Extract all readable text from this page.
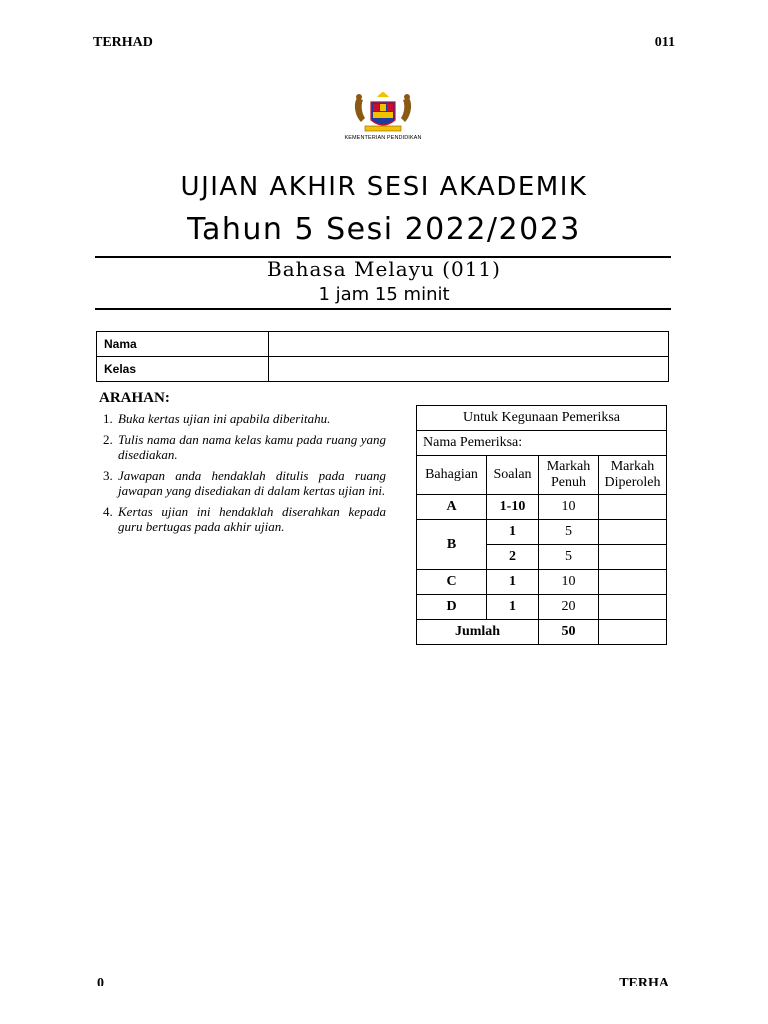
TERHAD	011
KEMENTERIAN PENDIDIKAN
UJIAN AKHIR SESI AKADEMIK
Tahun 5 Sesi 2022/2023
Bahasa Melayu (011)
1 jam 15 minit
Nama	
Kelas	
ARAHAN:
1. Buka kertas ujian ini apabila diberitahu.
2. Tulis nama dan nama kelas kamu pada ruang yang disediakan.
3. Jawapan anda hendaklah ditulis pada ruang jawapan yang disediakan di dalam kertas ujian ini.
4. Kertas ujian ini hendaklah diserahkan kepada guru bertugas pada akhir ujian.
Untuk Kegunaan Pemeriksa			
Nama Pemeriksa:			
Bahagian	Soalan	Markah Penuh	Markah Diperoleh
A	1-10	10	
B	1	5	
	2	5	
C	1	10	
D	1	20	
Jumlah		50	
0	TERHA
